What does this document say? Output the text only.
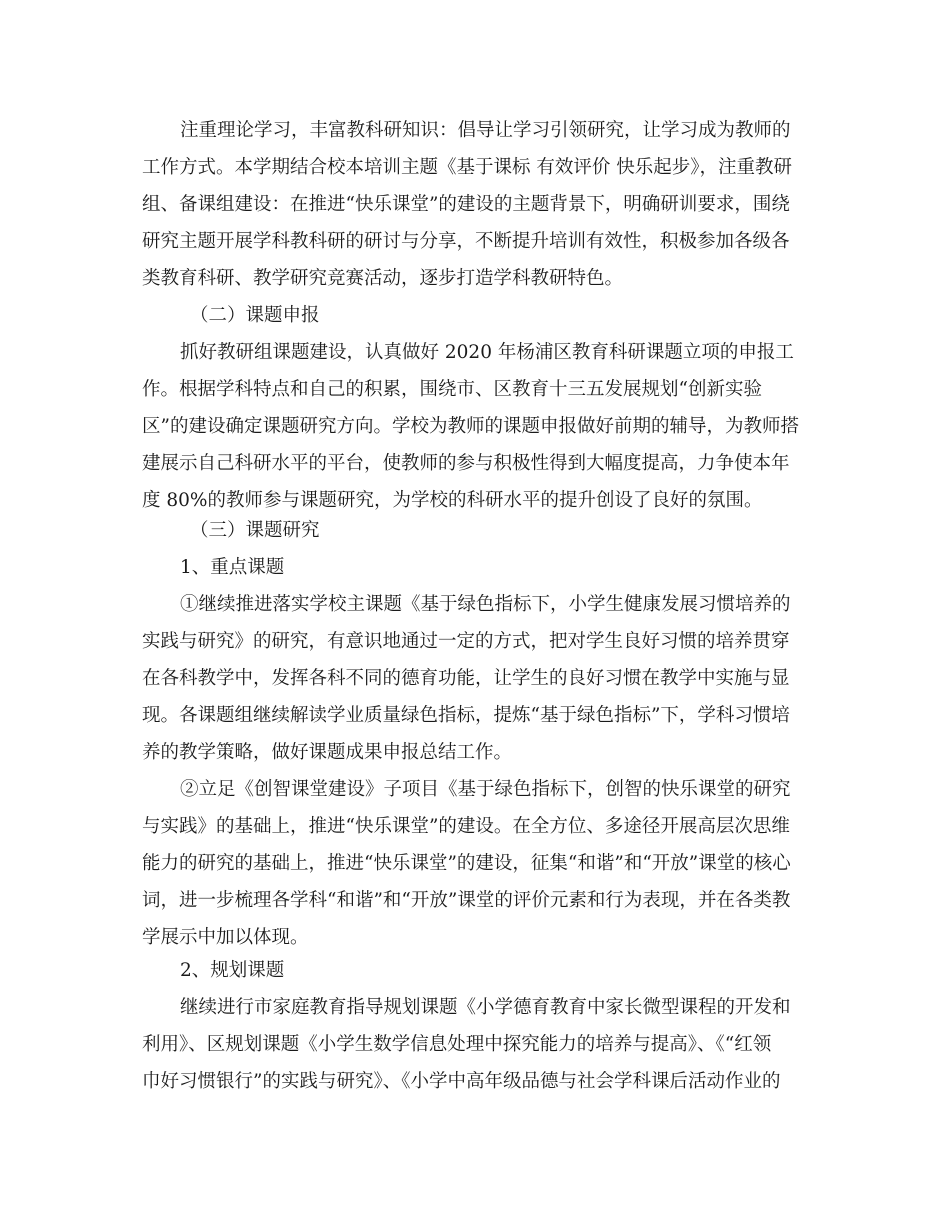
注重理论学习，丰富教科研知识：倡导让学习引领研究，让学习成为教师的
工作方式。本学期结合校本培训主题《基于课标 有效评价 快乐起步》，注重教研
组、备课组建设：在推进“快乐课堂”的建设的主题背景下，明确研训要求，围绕
研究主题开展学科教科研的研讨与分享，不断提升培训有效性，积极参加各级各
类教育科研、教学研究竞赛活动，逐步打造学科教研特色。
（二）课题申报
抓好教研组课题建设，认真做好 2020 年杨浦区教育科研课题立项的申报工
作。根据学科特点和自己的积累，围绕市、区教育十三五发展规划“创新实验
区”的建设确定课题研究方向。学校为教师的课题申报做好前期的辅导，为教师搭
建展示自己科研水平的平台，使教师的参与积极性得到大幅度提高，力争使本年
度 80%的教师参与课题研究，为学校的科研水平的提升创设了良好的氛围。
（三）课题研究
1、重点课题
①继续推进落实学校主课题《基于绿色指标下，小学生健康发展习惯培养的
实践与研究》的研究，有意识地通过一定的方式，把对学生良好习惯的培养贯穿
在各科教学中，发挥各科不同的德育功能，让学生的良好习惯在教学中实施与显
现。各课题组继续解读学业质量绿色指标，提炼“基于绿色指标”下，学科习惯培
养的教学策略，做好课题成果申报总结工作。
②立足《创智课堂建设》子项目《基于绿色指标下，创智的快乐课堂的研究
与实践》的基础上，推进“快乐课堂”的建设。在全方位、多途径开展高层次思维
能力的研究的基础上，推进“快乐课堂”的建设，征集“和谐”和“开放”课堂的核心
词，进一步梳理各学科“和谐”和“开放”课堂的评价元素和行为表现，并在各类教
学展示中加以体现。
2、规划课题
继续进行市家庭教育指导规划课题《小学德育教育中家长微型课程的开发和
利用》、区规划课题《小学生数学信息处理中探究能力的培养与提高》、《“红领
巾好习惯银行”的实践与研究》、《小学中高年级品德与社会学科课后活动作业的
